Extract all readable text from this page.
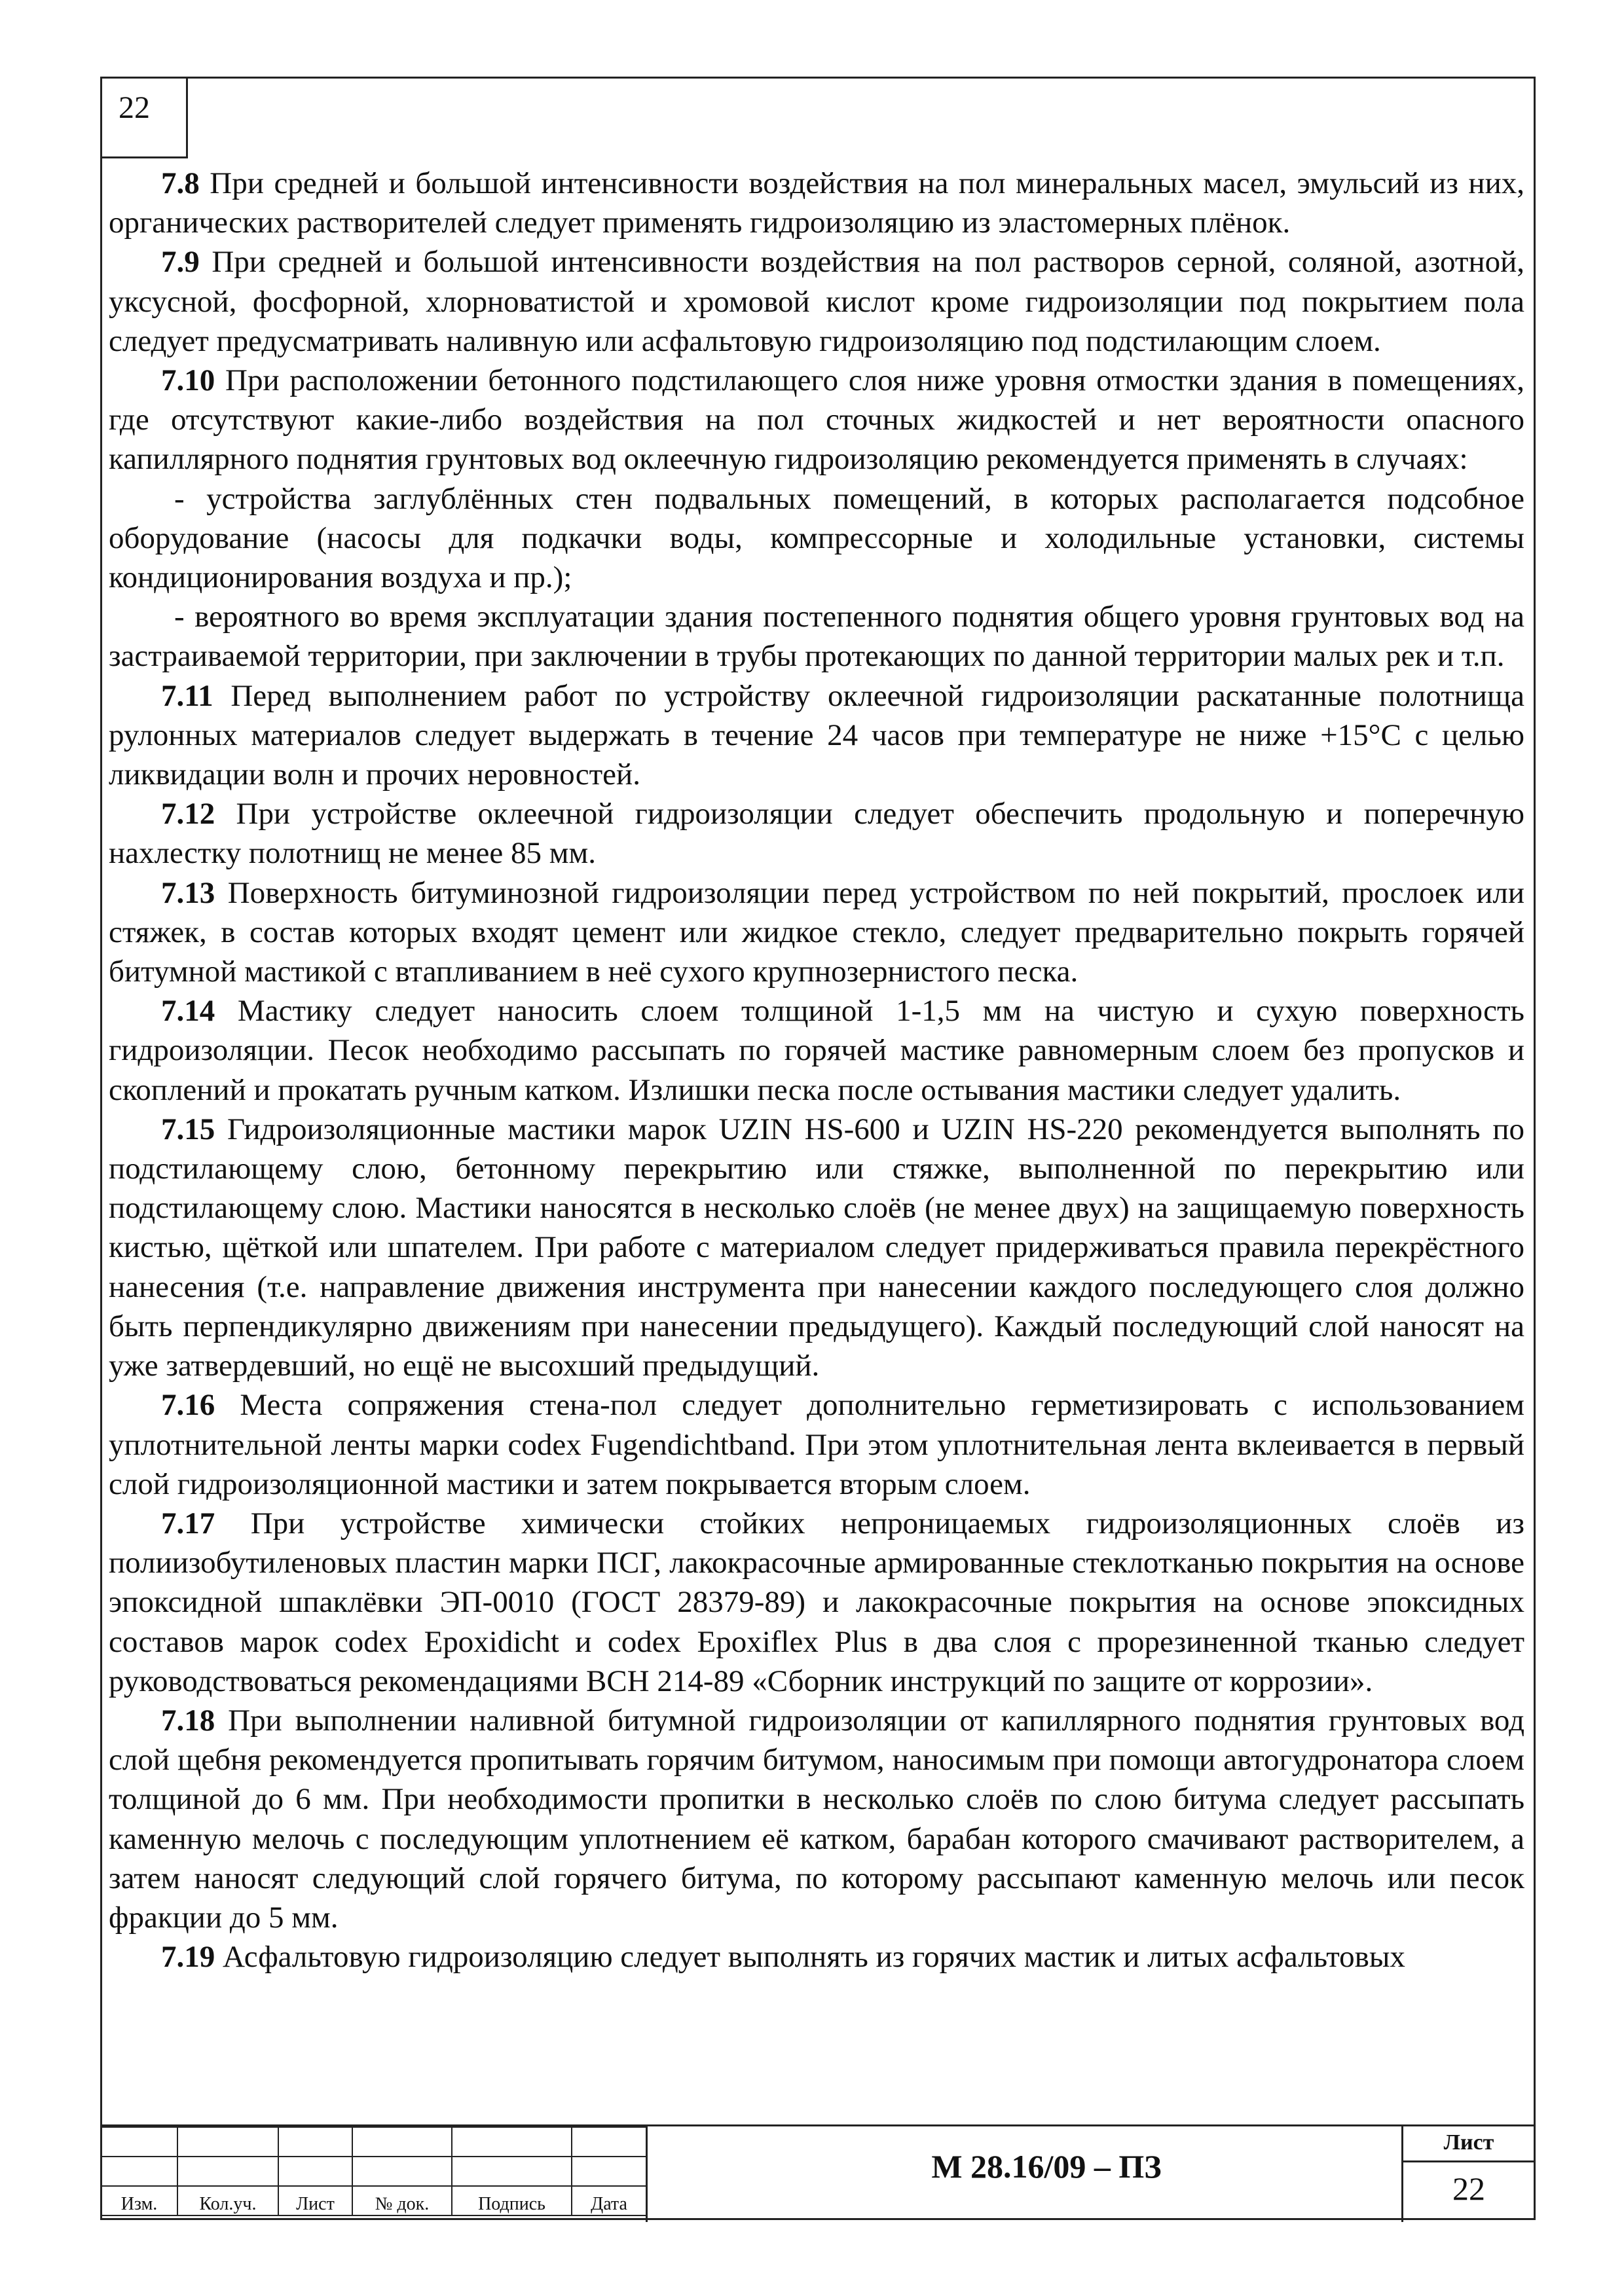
22

7.8 При средней и большой интенсивности воздействия на пол минеральных масел, эмульсий из них, органических растворителей следует применять гидроизоляцию из эластомерных плёнок.

7.9 При средней и большой интенсивности воздействия на пол растворов серной, соляной, азотной, уксусной, фосфорной, хлорноватистой и хромовой кислот кроме гидроизоляции под покрытием пола следует предусматривать наливную или асфальтовую гидроизоляцию под подстилающим слоем.

7.10 При расположении бетонного подстилающего слоя ниже уровня отмостки здания в помещениях, где отсутствуют какие-либо воздействия на пол сточных жидкостей и нет вероятности опасного капиллярного поднятия грунтовых вод оклеечную гидроизоляцию рекомендуется применять в случаях:

- устройства заглублённых стен подвальных помещений, в которых располагается подсобное оборудование (насосы для подкачки воды, компрессорные и холодильные установки, системы кондиционирования воздуха и пр.);

- вероятного во время эксплуатации здания постепенного поднятия общего уровня грунтовых вод на застраиваемой территории, при заключении в трубы протекающих по данной территории малых рек и т.п.

7.11 Перед выполнением работ по устройству оклеечной гидроизоляции раскатанные полотнища рулонных материалов следует выдержать в течение 24 часов при температуре не ниже +15°С с целью ликвидации волн и прочих неровностей.

7.12 При устройстве оклеечной гидроизоляции следует обеспечить продольную и поперечную нахлестку полотнищ не менее 85 мм.

7.13 Поверхность битуминозной гидроизоляции перед устройством по ней покрытий, прослоек или стяжек, в состав которых входят цемент или жидкое стекло, следует предварительно покрыть горячей битумной мастикой с втапливанием в неё сухого крупнозернистого песка.

7.14 Мастику следует наносить слоем толщиной 1-1,5 мм на чистую и сухую поверхность гидроизоляции. Песок необходимо рассыпать по горячей мастике равномерным слоем без пропусков и скоплений и прокатать ручным катком. Излишки песка после остывания мастики следует удалить.

7.15 Гидроизоляционные мастики марок UZIN HS-600 и UZIN HS-220 рекомендуется выполнять по подстилающему слою, бетонному перекрытию или стяжке, выполненной по перекрытию или подстилающему слою. Мастики наносятся в несколько слоёв (не менее двух) на защищаемую поверхность кистью, щёткой или шпателем. При работе с материалом следует придерживаться правила перекрёстного нанесения (т.е. направление движения инструмента при нанесении каждого последующего слоя должно быть перпендикулярно движениям при нанесении предыдущего). Каждый последующий слой наносят на уже затвердевший, но ещё не высохший предыдущий.

7.16 Места сопряжения стена-пол следует дополнительно герметизировать с использованием уплотнительной ленты марки codex Fugendichtband. При этом уплотнительная лента вклеивается в первый слой гидроизоляционной мастики и затем покрывается вторым слоем.

7.17 При устройстве химически стойких непроницаемых гидроизоляционных слоёв из полиизобутиленовых пластин марки ПСГ, лакокрасочные армированные стеклотканью покрытия на основе эпоксидной шпаклёвки ЭП-0010 (ГОСТ 28379-89) и лакокрасочные покрытия на основе эпоксидных составов марок codex Epoxidicht и codex Epoxiflex Plus в два слоя с прорезиненной тканью следует руководствоваться рекомендациями ВСН 214-89 «Сборник инструкций по защите от коррозии».

7.18 При выполнении наливной битумной гидроизоляции от капиллярного поднятия грунтовых вод слой щебня рекомендуется пропитывать горячим битумом, наносимым при помощи автогудронатора слоем толщиной до 6 мм. При необходимости пропитки в несколько слоёв по слою битума следует рассыпать каменную мелочь с последующим уплотнением её катком, барабан которого смачивают растворителем, а затем наносят следующий слой горячего битума, по которому рассыпают каменную мелочь или песок фракции до 5 мм.

7.19 Асфальтовую гидроизоляцию следует выполнять из горячих мастик и литых асфальтовых

Изм.	Кол.уч.	Лист	№ док.	Подпись	Дата
М 28.16/09 – ПЗ
Лист
22
